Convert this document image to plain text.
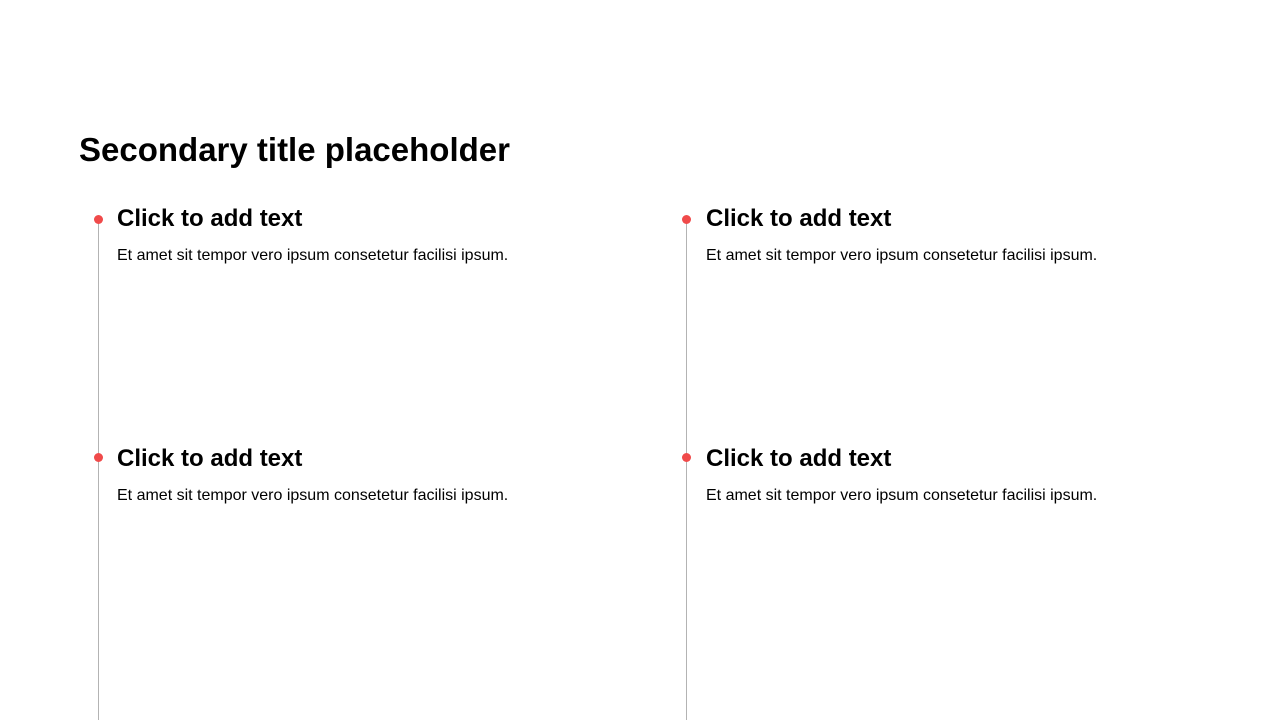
Secondary title placeholder
Click to add text

Et amet sit tempor vero ipsum consetetur facilisi ipsum.

Click to add text

Et amet sit tempor vero ipsum consetetur facilisi ipsum.

Click to add text

Et amet sit tempor vero ipsum consetetur facilisi ipsum.

Click to add text

Et amet sit tempor vero ipsum consetetur facilisi ipsum.
